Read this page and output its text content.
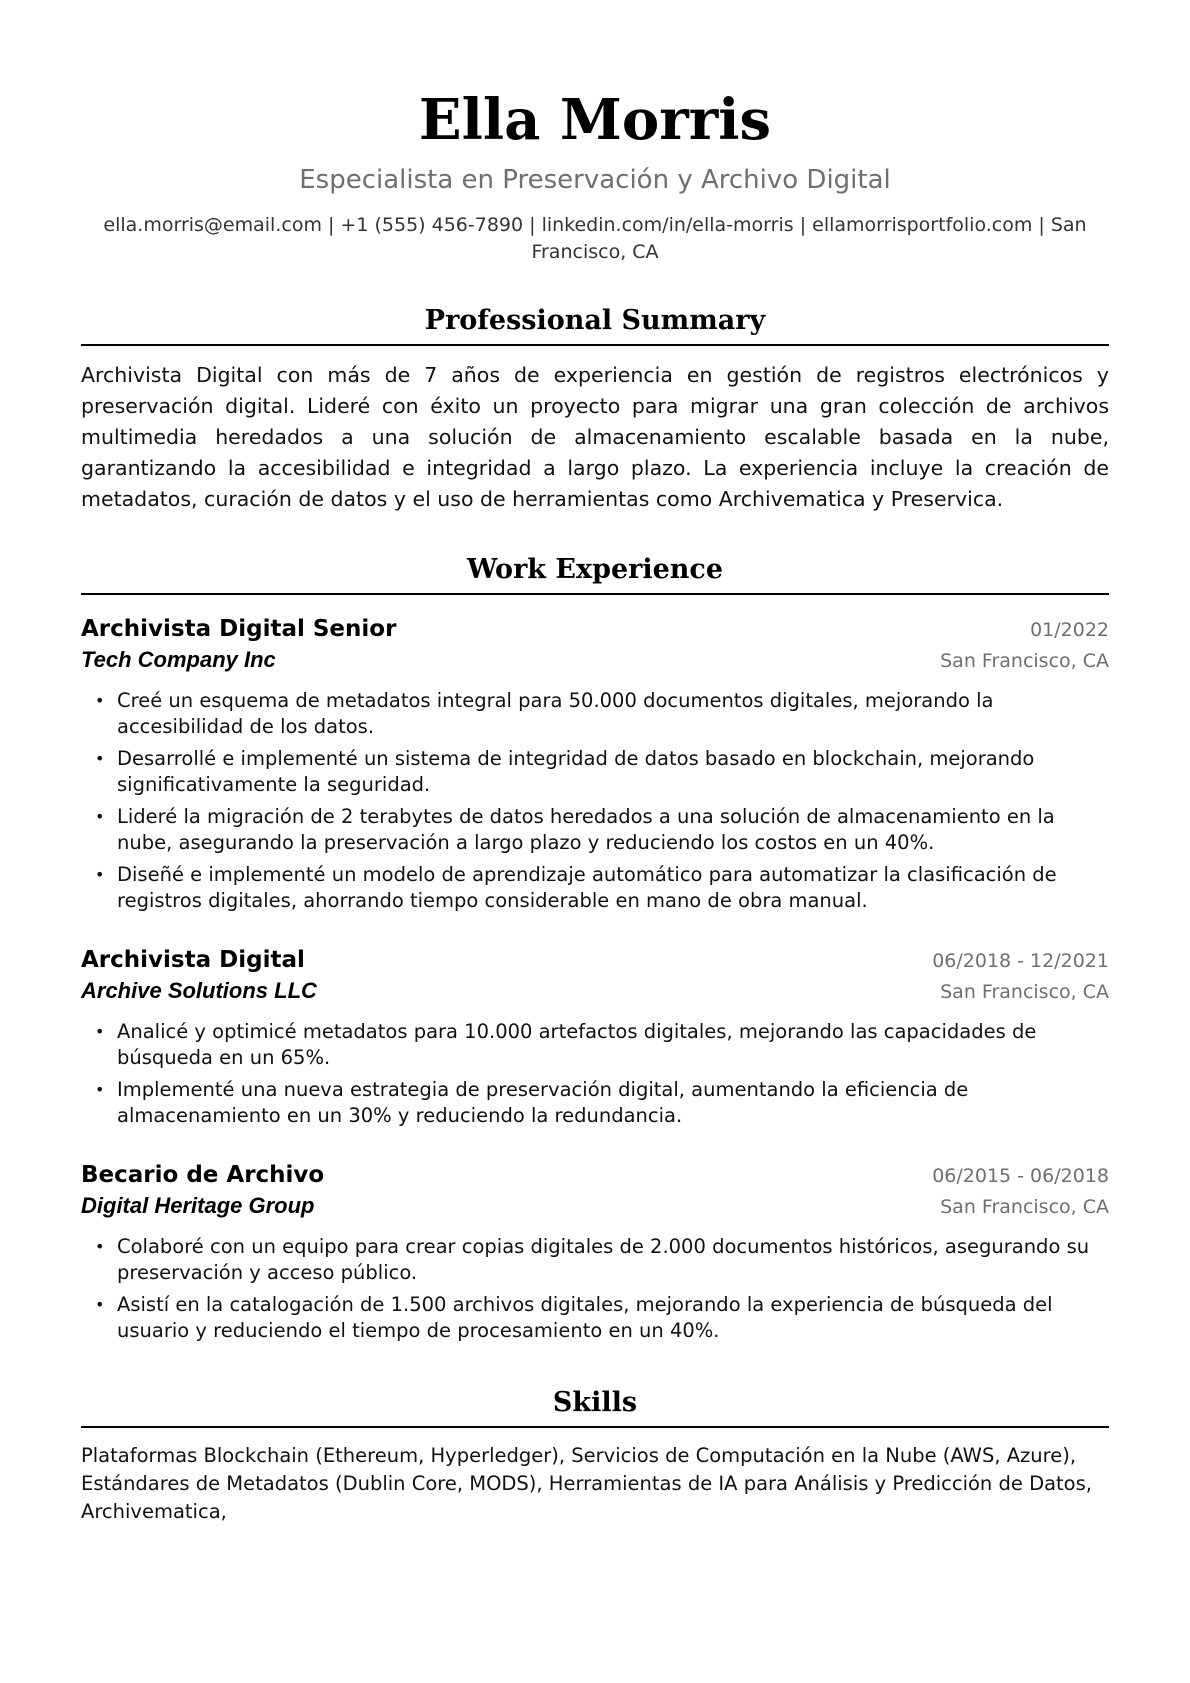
Ella Morris
Especialista en Preservación y Archivo Digital
ella.morris@email.com | +1 (555) 456-7890 | linkedin.com/in/ella-morris | ellamorrisportfolio.com | San Francisco, CA
Professional Summary
Archivista Digital con más de 7 años de experiencia en gestión de registros electrónicos y preservación digital. Lideré con éxito un proyecto para migrar una gran colección de archivos multimedia heredados a una solución de almacenamiento escalable basada en la nube, garantizando la accesibilidad e integridad a largo plazo. La experiencia incluye la creación de metadatos, curación de datos y el uso de herramientas como Archivematica y Preservica.
Work Experience
Archivista Digital Senior	01/2022
Tech Company Inc	San Francisco, CA
• Creé un esquema de metadatos integral para 50.000 documentos digitales, mejorando la accesibilidad de los datos.
• Desarrollé e implementé un sistema de integridad de datos basado en blockchain, mejorando significativamente la seguridad.
• Lideré la migración de 2 terabytes de datos heredados a una solución de almacenamiento en la nube, asegurando la preservación a largo plazo y reduciendo los costos en un 40%.
• Diseñé e implementé un modelo de aprendizaje automático para automatizar la clasificación de registros digitales, ahorrando tiempo considerable en mano de obra manual.
Archivista Digital	06/2018 - 12/2021
Archive Solutions LLC	San Francisco, CA
• Analicé y optimicé metadatos para 10.000 artefactos digitales, mejorando las capacidades de búsqueda en un 65%.
• Implementé una nueva estrategia de preservación digital, aumentando la eficiencia de almacenamiento en un 30% y reduciendo la redundancia.
Becario de Archivo	06/2015 - 06/2018
Digital Heritage Group	San Francisco, CA
• Colaboré con un equipo para crear copias digitales de 2.000 documentos históricos, asegurando su preservación y acceso público.
• Asistí en la catalogación de 1.500 archivos digitales, mejorando la experiencia de búsqueda del usuario y reduciendo el tiempo de procesamiento en un 40%.
Skills
Plataformas Blockchain (Ethereum, Hyperledger), Servicios de Computación en la Nube (AWS, Azure), Estándares de Metadatos (Dublin Core, MODS), Herramientas de IA para Análisis y Predicción de Datos, Archivematica,
